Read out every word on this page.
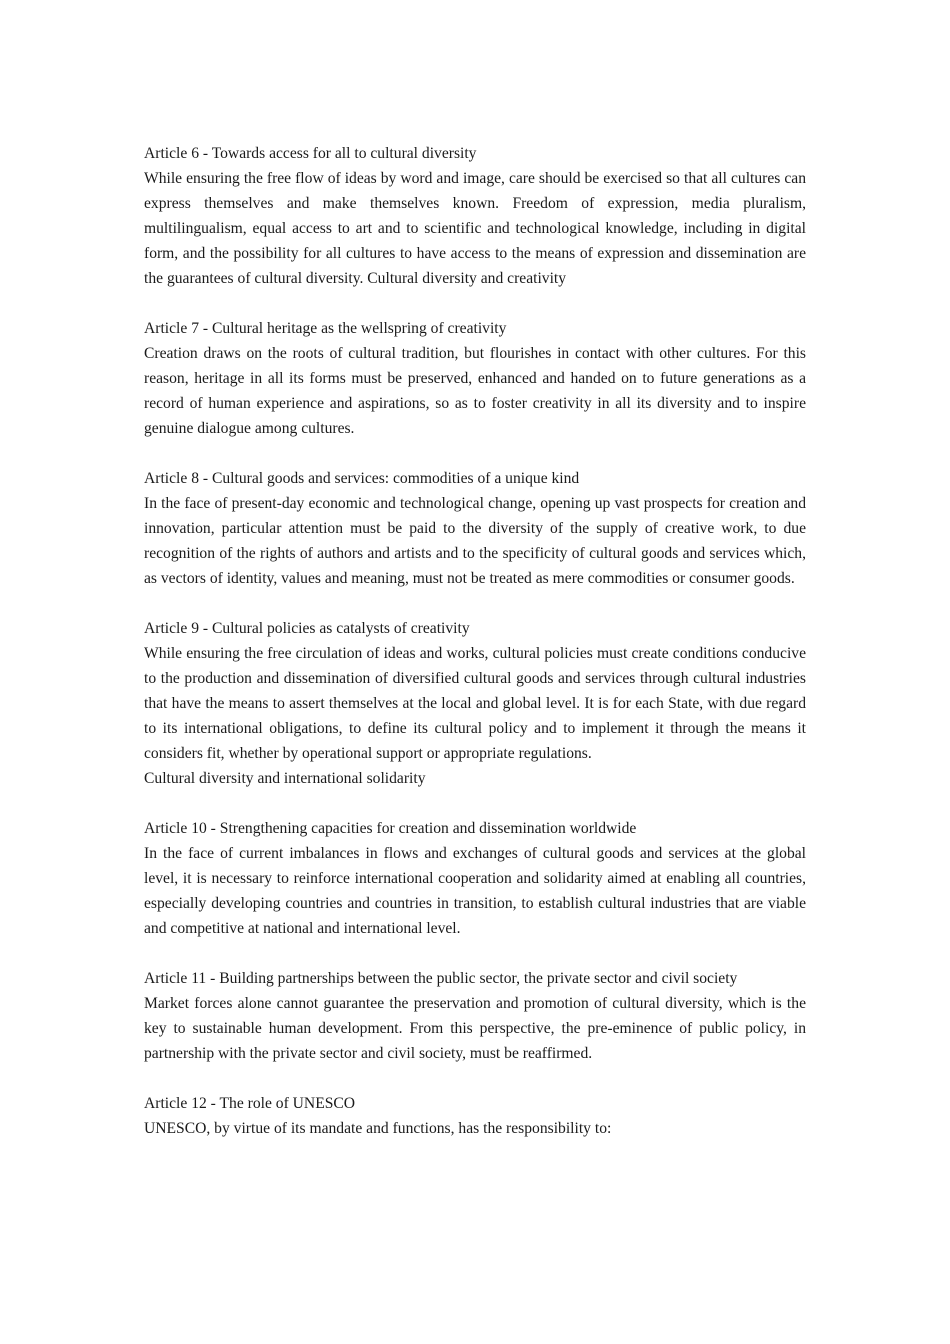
Article 6 - Towards access for all to cultural diversity

While ensuring the free flow of ideas by word and image, care should be exercised so that all cultures can express themselves and make themselves known. Freedom of expression, media pluralism, multilingualism, equal access to art and to scientific and technological knowledge, including in digital form, and the possibility for all cultures to have access to the means of expression and dissemination are the guarantees of cultural diversity. Cultural diversity and creativity

Article 7 - Cultural heritage as the wellspring of creativity

Creation draws on the roots of cultural tradition, but flourishes in contact with other cultures. For this reason, heritage in all its forms must be preserved, enhanced and handed on to future generations as a record of human experience and aspirations, so as to foster creativity in all its diversity and to inspire genuine dialogue among cultures.

Article 8 - Cultural goods and services: commodities of a unique kind

In the face of present-day economic and technological change, opening up vast prospects for creation and innovation, particular attention must be paid to the diversity of the supply of creative work, to due recognition of the rights of authors and artists and to the specificity of cultural goods and services which, as vectors of identity, values and meaning, must not be treated as mere commodities or consumer goods.

Article 9 - Cultural policies as catalysts of creativity

While ensuring the free circulation of ideas and works, cultural policies must create conditions conducive to the production and dissemination of diversified cultural goods and services through cultural industries that have the means to assert themselves at the local and global level. It is for each State, with due regard to its international obligations, to define its cultural policy and to implement it through the means it considers fit, whether by operational support or appropriate regulations.

Cultural diversity and international solidarity
Article 10 - Strengthening capacities for creation and dissemination worldwide

In the face of current imbalances in flows and exchanges of cultural goods and services at the global level, it is necessary to reinforce international cooperation and solidarity aimed at enabling all countries, especially developing countries and countries in transition, to establish cultural industries that are viable and competitive at national and international level.

Article 11 - Building partnerships between the public sector, the private sector and civil society

Market forces alone cannot guarantee the preservation and promotion of cultural diversity, which is the key to sustainable human development. From this perspective, the pre-eminence of public policy, in partnership with the private sector and civil society, must be reaffirmed.

Article 12 - The role of UNESCO

UNESCO, by virtue of its mandate and functions, has the responsibility to:
